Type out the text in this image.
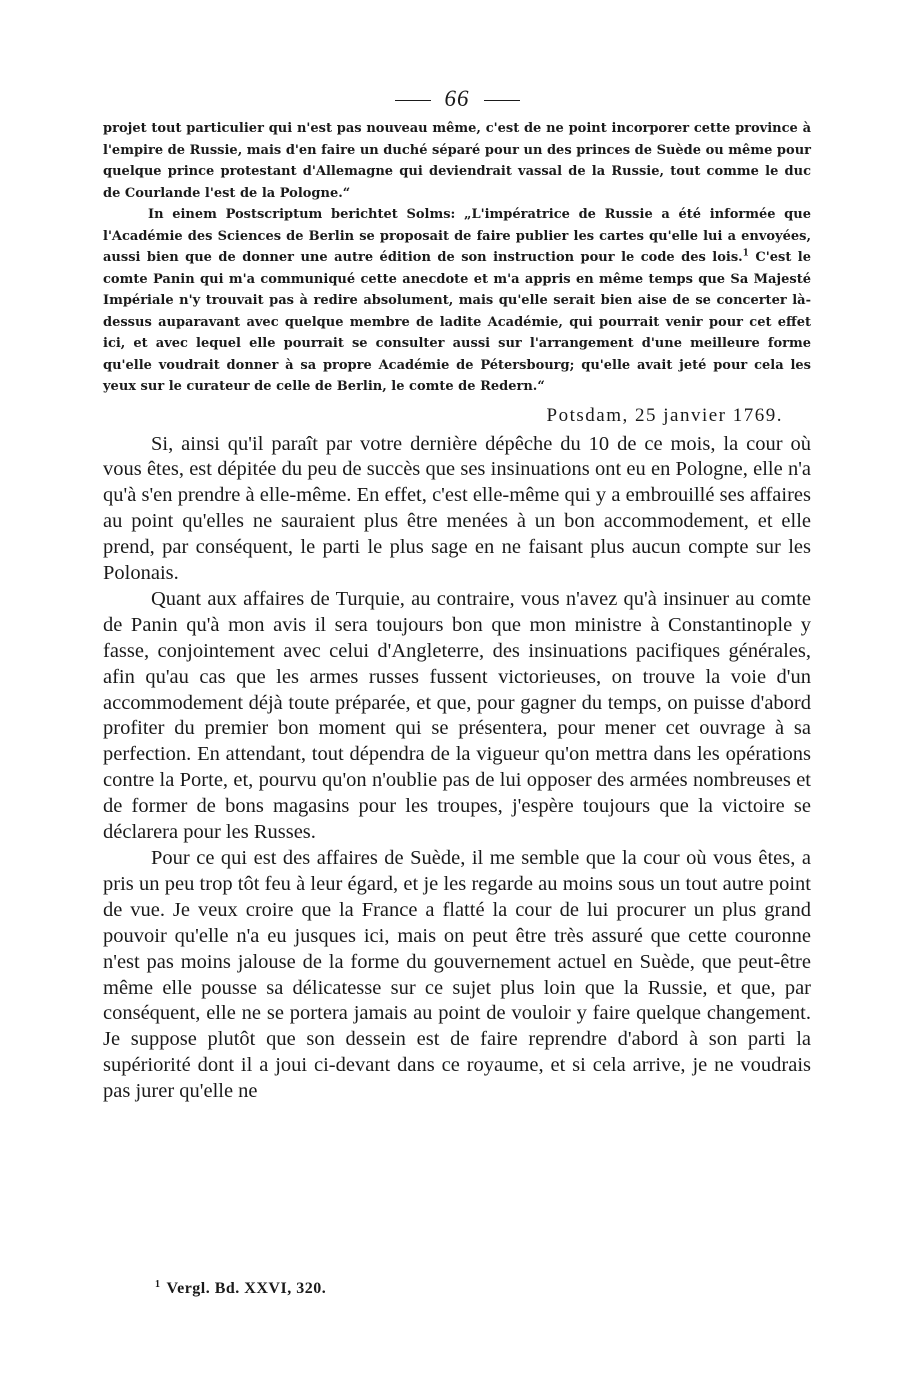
66

projet tout particulier qui n'est pas nouveau même, c'est de ne point incorporer cette province à l'empire de Russie, mais d'en faire un duché séparé pour un des princes de Suède ou même pour quelque prince protestant d'Allemagne qui deviendrait vassal de la Russie, tout comme le duc de Courlande l'est de la Pologne.“

In einem Postscriptum berichtet Solms: „L'impératrice de Russie a été informée que l'Académie des Sciences de Berlin se proposait de faire publier les cartes qu'elle lui a envoyées, aussi bien que de donner une autre édition de son instruction pour le code des lois.$^1$ C'est le comte Panin qui m'a communiqué cette anecdote et m'a appris en même temps que Sa Majesté Impériale n'y trouvait pas à redire absolument, mais qu'elle serait bien aise de se concerter là-dessus auparavant avec quelque membre de ladite Académie, qui pourrait venir pour cet effet ici, et avec lequel elle pourrait se consulter aussi sur l'arrangement d'une meilleure forme qu'elle voudrait donner à sa propre Académie de Pétersbourg; qu'elle avait jeté pour cela les yeux sur le curateur de celle de Berlin, le comte de Redern.“

Potsdam, 25 janvier 1769.

Si, ainsi qu'il paraît par votre dernière dépêche du 10 de ce mois, la cour où vous êtes, est dépitée du peu de succès que ses insinuations ont eu en Pologne, elle n'a qu'à s'en prendre à elle-même. En effet, c'est elle-même qui y a embrouillé ses affaires au point qu'elles ne sauraient plus être menées à un bon accommodement, et elle prend, par conséquent, le parti le plus sage en ne faisant plus aucun compte sur les Polonais.

Quant aux affaires de Turquie, au contraire, vous n'avez qu'à insinuer au comte de Panin qu'à mon avis il sera toujours bon que mon ministre à Constantinople y fasse, conjointement avec celui d'Angleterre, des insinuations pacifiques générales, afin qu'au cas que les armes russes fussent victorieuses, on trouve la voie d'un accommodement déjà toute préparée, et que, pour gagner du temps, on puisse d'abord profiter du premier bon moment qui se présentera, pour mener cet ouvrage à sa perfection. En attendant, tout dépendra de la vigueur qu'on mettra dans les opérations contre la Porte, et, pourvu qu'on n'oublie pas de lui opposer des armées nombreuses et de former de bons magasins pour les troupes, j'espère toujours que la victoire se déclarera pour les Russes.

Pour ce qui est des affaires de Suède, il me semble que la cour où vous êtes, a pris un peu trop tôt feu à leur égard, et je les regarde au moins sous un tout autre point de vue. Je veux croire que la France a flatté la cour de lui procurer un plus grand pouvoir qu'elle n'a eu jusques ici, mais on peut être très assuré que cette couronne n'est pas moins jalouse de la forme du gouvernement actuel en Suède, que peut-être même elle pousse sa délicatesse sur ce sujet plus loin que la Russie, et que, par conséquent, elle ne se portera jamais au point de vouloir y faire quelque changement. Je suppose plutôt que son dessein est de faire reprendre d'abord à son parti la supériorité dont il a joui ci-devant dans ce royaume, et si cela arrive, je ne voudrais pas jurer qu'elle ne

$^1$ Vergl. Bd. XXVI, 320.
